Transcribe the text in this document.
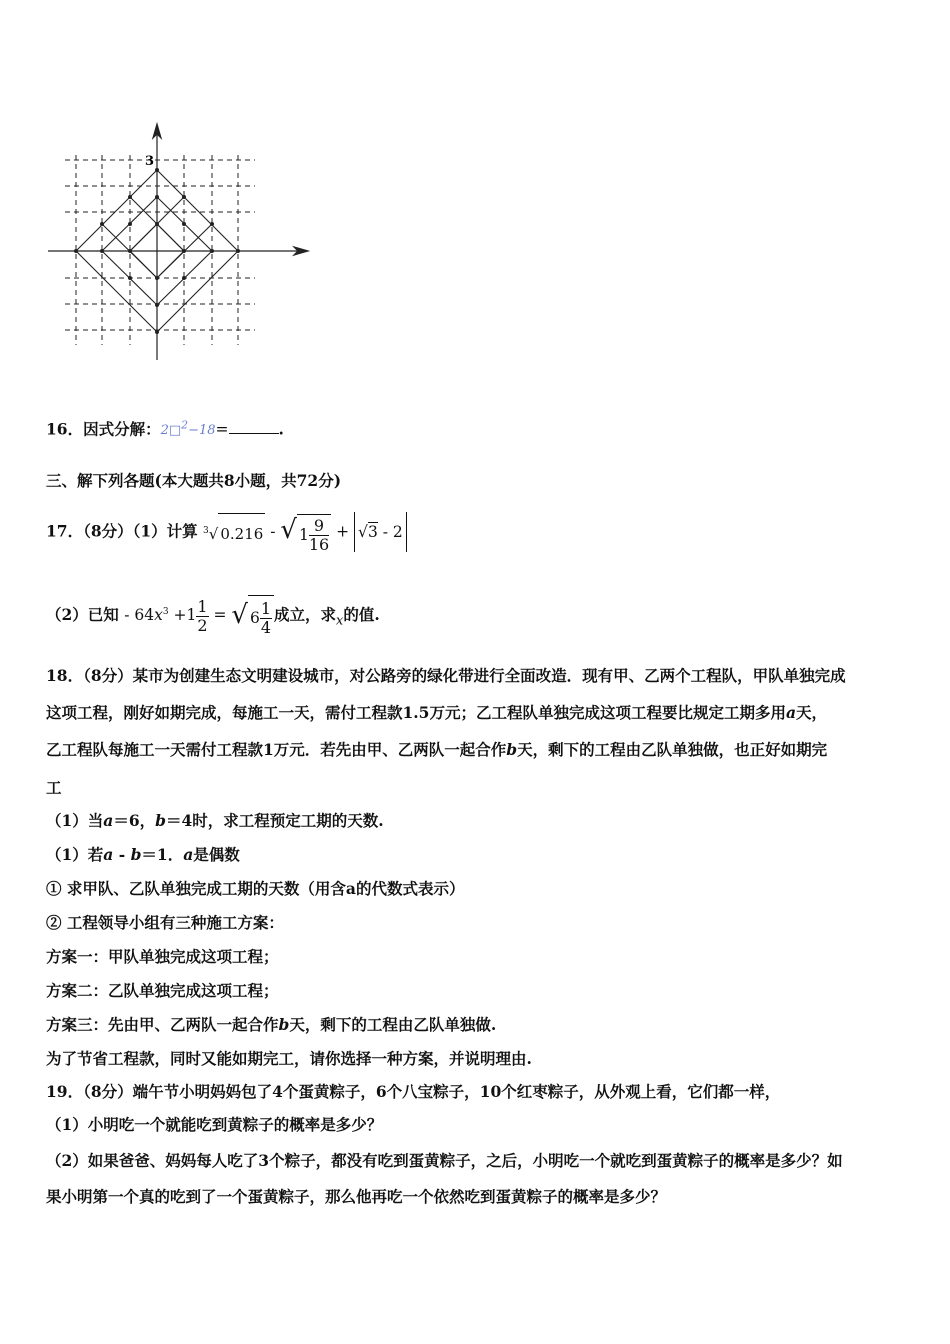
3
16．因式分解：2□$^2$−18=	.
三、解下列各题(本大题共8小题，共72分)
17．（8分）（1）计算 $^3$√ 0.216 - √ $1 \frac{9}{16} + √3 - 2$
（2）已知 - $64x^3 +1 \frac{1}{2}$ = √ $6 \frac{1}{4}$ 成立，求$_x$的值.
18．（8分）某市为创建生态文明建设城市，对公路旁的绿化带进行全面改造．现有甲、乙两个工程队，甲队单独完成
这项工程，刚好如期完成，每施工一天，需付工程款1.5万元；乙工程队单独完成这项工程要比规定工期多用a天，
乙工程队每施工一天需付工程款1万元．若先由甲、乙两队一起合作b天，剩下的工程由乙队单独做，也正好如期完
工
（1）当a＝6，b＝4时，求工程预定工期的天数.
（1）若a - b＝1．a是偶数
① 求甲队、乙队单独完成工期的天数（用含a的代数式表示）
② 工程领导小组有三种施工方案：
方案一：甲队单独完成这项工程；
方案二：乙队单独完成这项工程；
方案三：先由甲、乙两队一起合作b天，剩下的工程由乙队单独做.
为了节省工程款，同时又能如期完工，请你选择一种方案，并说明理由.
19．（8分）端午节小明妈妈包了4个蛋黄粽子，6个八宝粽子，10个红枣粽子，从外观上看，它们都一样，
（1）小明吃一个就能吃到黄粽子的概率是多少？
（2）如果爸爸、妈妈每人吃了3个粽子，都没有吃到蛋黄粽子，之后，小明吃一个就吃到蛋黄粽子的概率是多少？如
果小明第一个真的吃到了一个蛋黄粽子，那么他再吃一个依然吃到蛋黄粽子的概率是多少？
